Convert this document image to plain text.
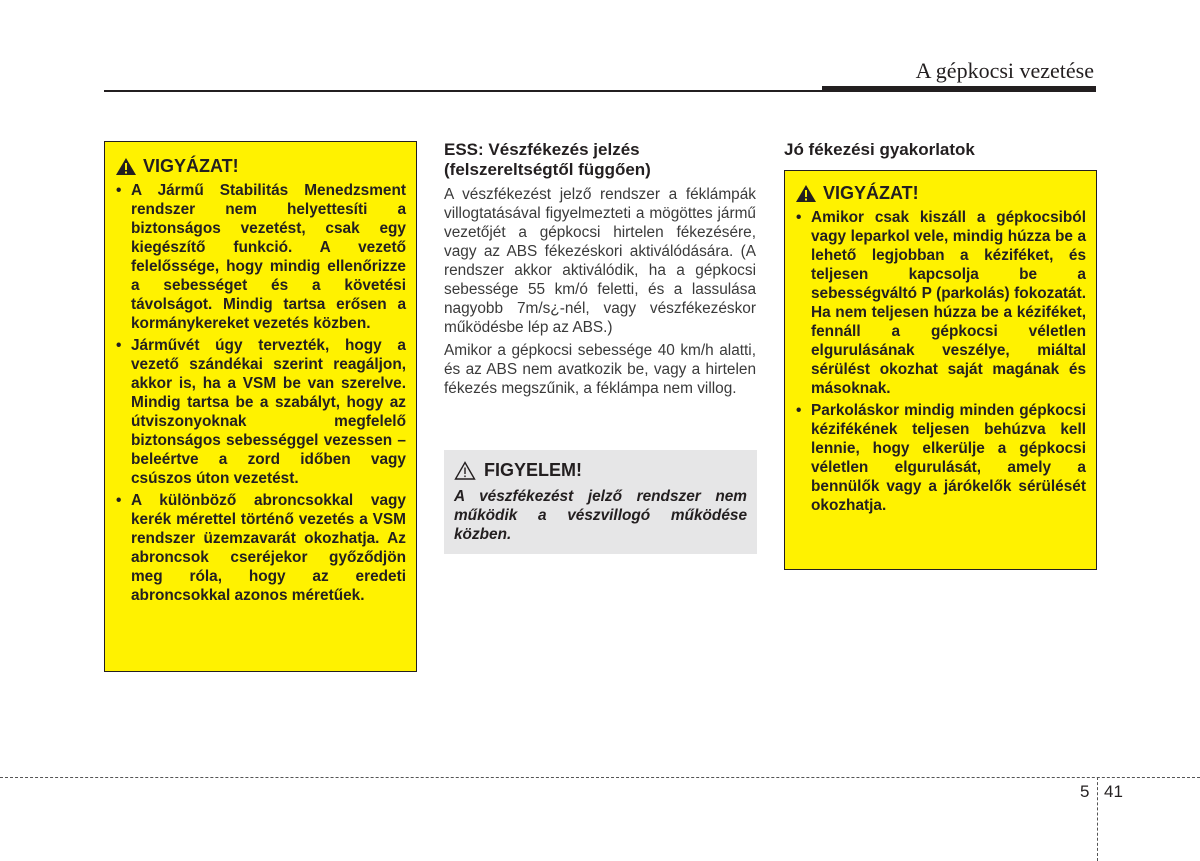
A gépkocsi vezetése
VIGYÁZAT!
• A Jármű Stabilitás Menedzsment rendszer nem helyettesíti a biztonságos vezetést, csak egy kiegészítő funkció. A vezető felelőssége, hogy mindig ellenőrizze a sebességet és a követési távolságot. Mindig tartsa erősen a kormánykereket vezetés közben.
• Járművét úgy tervezték, hogy a vezető szándékai szerint reagáljon, akkor is, ha a VSM be van szerelve. Mindig tartsa be a szabályt, hogy az útviszonyoknak megfelelő biztonságos sebességgel vezessen – beleértve a zord időben vagy csúszos úton vezetést.
• A különböző abroncsokkal vagy kerék mérettel történő vezetés a VSM rendszer üzemzavarát okozhatja. Az abroncsok cseréjekor győződjön meg róla, hogy az eredeti abroncsokkal azonos méretűek.
ESS: Vészfékezés jelzés (felszereltségtől függően)

A vészfékezést jelző rendszer a féklámpák villogtatásával figyelmezteti a mögöttes jármű vezetőjét a gépkocsi hirtelen fékezésére, vagy az ABS fékezéskori aktiválódására. (A rendszer akkor aktiválódik, ha a gépkocsi sebessége 55 km/ó feletti, és a lassulása nagyobb 7m/s¿-nél, vagy vészfékezéskor működésbe lép az ABS.)

Amikor a gépkocsi sebessége 40 km/h alatti, és az ABS nem avatkozik be, vagy a hirtelen fékezés megszűnik, a féklámpa nem villog.

FIGYELEM!
A vészfékezést jelző rendszer nem működik a vészvillogó működése közben.
Jó fékezési gyakorlatok
VIGYÁZAT!
• Amikor csak kiszáll a gépkocsiból vagy leparkol vele, mindig húzza be a lehető legjobban a kéziféket, és teljesen kapcsolja be a sebességváltó P (parkolás) fokozatát. Ha nem teljesen húzza be a kéziféket, fennáll a gépkocsi véletlen elgurulásának veszélye, miáltal sérülést okozhat saját magának és másoknak.
• Parkoláskor mindig minden gépkocsi kézifékének teljesen behúzva kell lennie, hogy elkerülje a gépkocsi véletlen elgurulását, amely a bennülők vagy a járókelők sérülését okozhatja.
5 41
